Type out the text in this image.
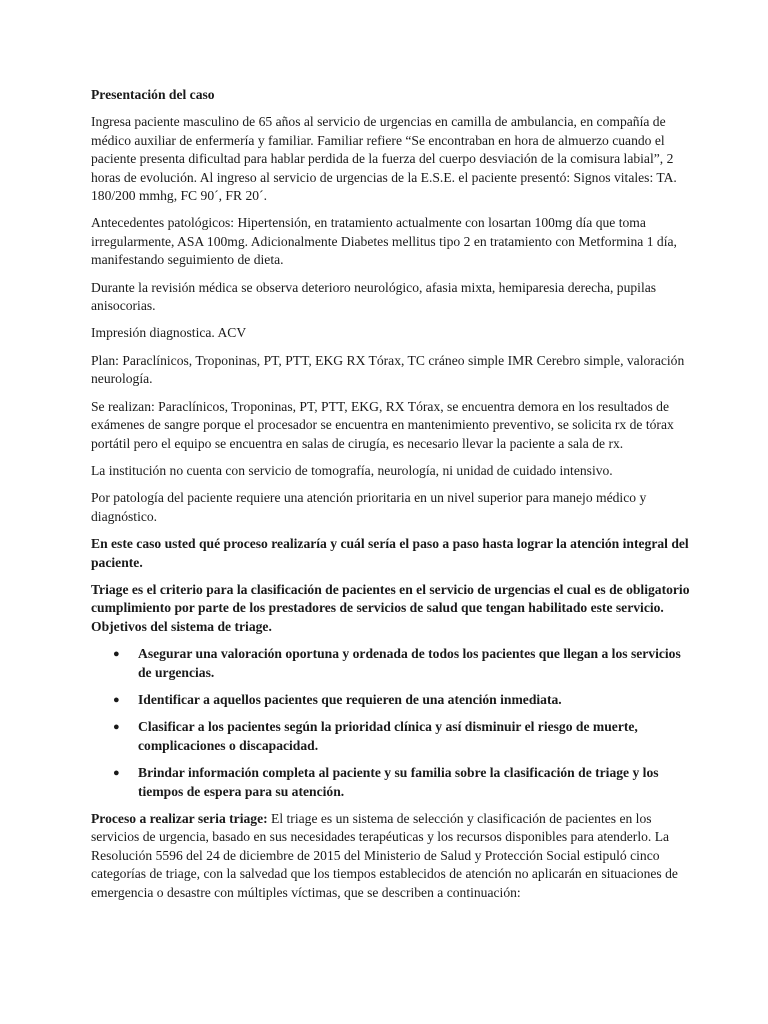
Presentación del caso

Ingresa paciente masculino de 65 años al servicio de urgencias en camilla de ambulancia, en compañía de médico auxiliar de enfermería y familiar. Familiar refiere “Se encontraban en hora de almuerzo cuando el paciente presenta dificultad para hablar perdida de la fuerza del cuerpo desviación de la comisura labial”, 2 horas de evolución. Al ingreso al servicio de urgencias de la E.S.E. el paciente presentó: Signos vitales: TA. 180/200 mmhg, FC 90´, FR 20´.

Antecedentes patológicos: Hipertensión, en tratamiento actualmente con losartan 100mg día que toma irregularmente, ASA 100mg. Adicionalmente Diabetes mellitus tipo 2 en tratamiento con Metformina 1 día, manifestando seguimiento de dieta.

Durante la revisión médica se observa deterioro neurológico, afasia mixta, hemiparesia derecha, pupilas anisocorias.

Impresión diagnostica. ACV

Plan: Paraclínicos, Troponinas, PT, PTT, EKG RX Tórax, TC cráneo simple IMR Cerebro simple, valoración neurología.

Se realizan: Paraclínicos, Troponinas, PT, PTT, EKG, RX Tórax, se encuentra demora en los resultados de exámenes de sangre porque el procesador se encuentra en mantenimiento preventivo, se solicita rx de tórax portátil pero el equipo se encuentra en salas de cirugía, es necesario llevar la paciente a sala de rx.

La institución no cuenta con servicio de tomografía, neurología, ni unidad de cuidado intensivo.

Por patología del paciente requiere una atención prioritaria en un nivel superior para manejo médico y diagnóstico.

En este caso usted qué proceso realizaría y cuál sería el paso a paso hasta lograr la atención integral del paciente.

Triage es el criterio para la clasificación de pacientes en el servicio de urgencias el cual es de obligatorio cumplimiento por parte de los prestadores de servicios de salud que tengan habilitado este servicio. Objetivos del sistema de triage.

● Asegurar una valoración oportuna y ordenada de todos los pacientes que llegan a los servicios de urgencias.
● Identificar a aquellos pacientes que requieren de una atención inmediata.
● Clasificar a los pacientes según la prioridad clínica y así disminuir el riesgo de muerte, complicaciones o discapacidad.
● Brindar información completa al paciente y su familia sobre la clasificación de triage y los tiempos de espera para su atención.

Proceso a realizar seria triage: El triage es un sistema de selección y clasificación de pacientes en los servicios de urgencia, basado en sus necesidades terapéuticas y los recursos disponibles para atenderlo. La Resolución 5596 del 24 de diciembre de 2015 del Ministerio de Salud y Protección Social estipuló cinco categorías de triage, con la salvedad que los tiempos establecidos de atención no aplicarán en situaciones de emergencia o desastre con múltiples víctimas, que se describen a continuación:
